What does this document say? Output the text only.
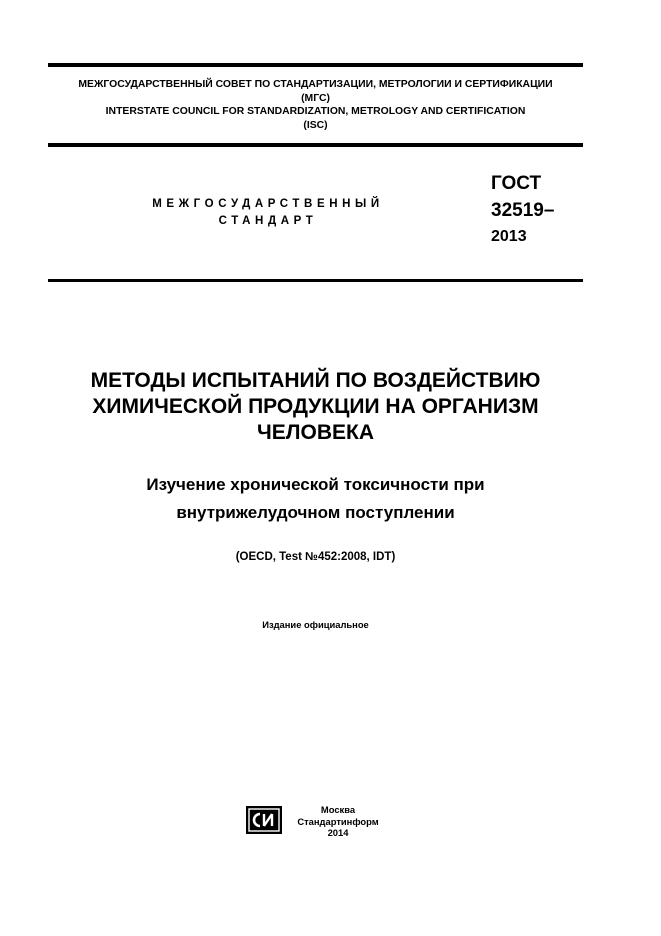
МЕЖГОСУДАРСТВЕННЫЙ СОВЕТ ПО СТАНДАРТИЗАЦИИ, МЕТРОЛОГИИ И СЕРТИФИКАЦИИ
(МГС)
INTERSTATE COUNCIL FOR STANDARDIZATION, METROLOGY AND CERTIFICATION
(ISC)
МЕЖГОСУДАРСТВЕННЫЙ
СТАНДАРТ
ГОСТ
32519–
2013
МЕТОДЫ ИСПЫТАНИЙ ПО ВОЗДЕЙСТВИЮ
ХИМИЧЕСКОЙ ПРОДУКЦИИ НА ОРГАНИЗМ
ЧЕЛОВЕКА
Изучение хронической токсичности при
внутрижелудочном поступлении
(OECD, Test №452:2008, IDT)
Издание официальное
Москва
Стандартинформ
2014
